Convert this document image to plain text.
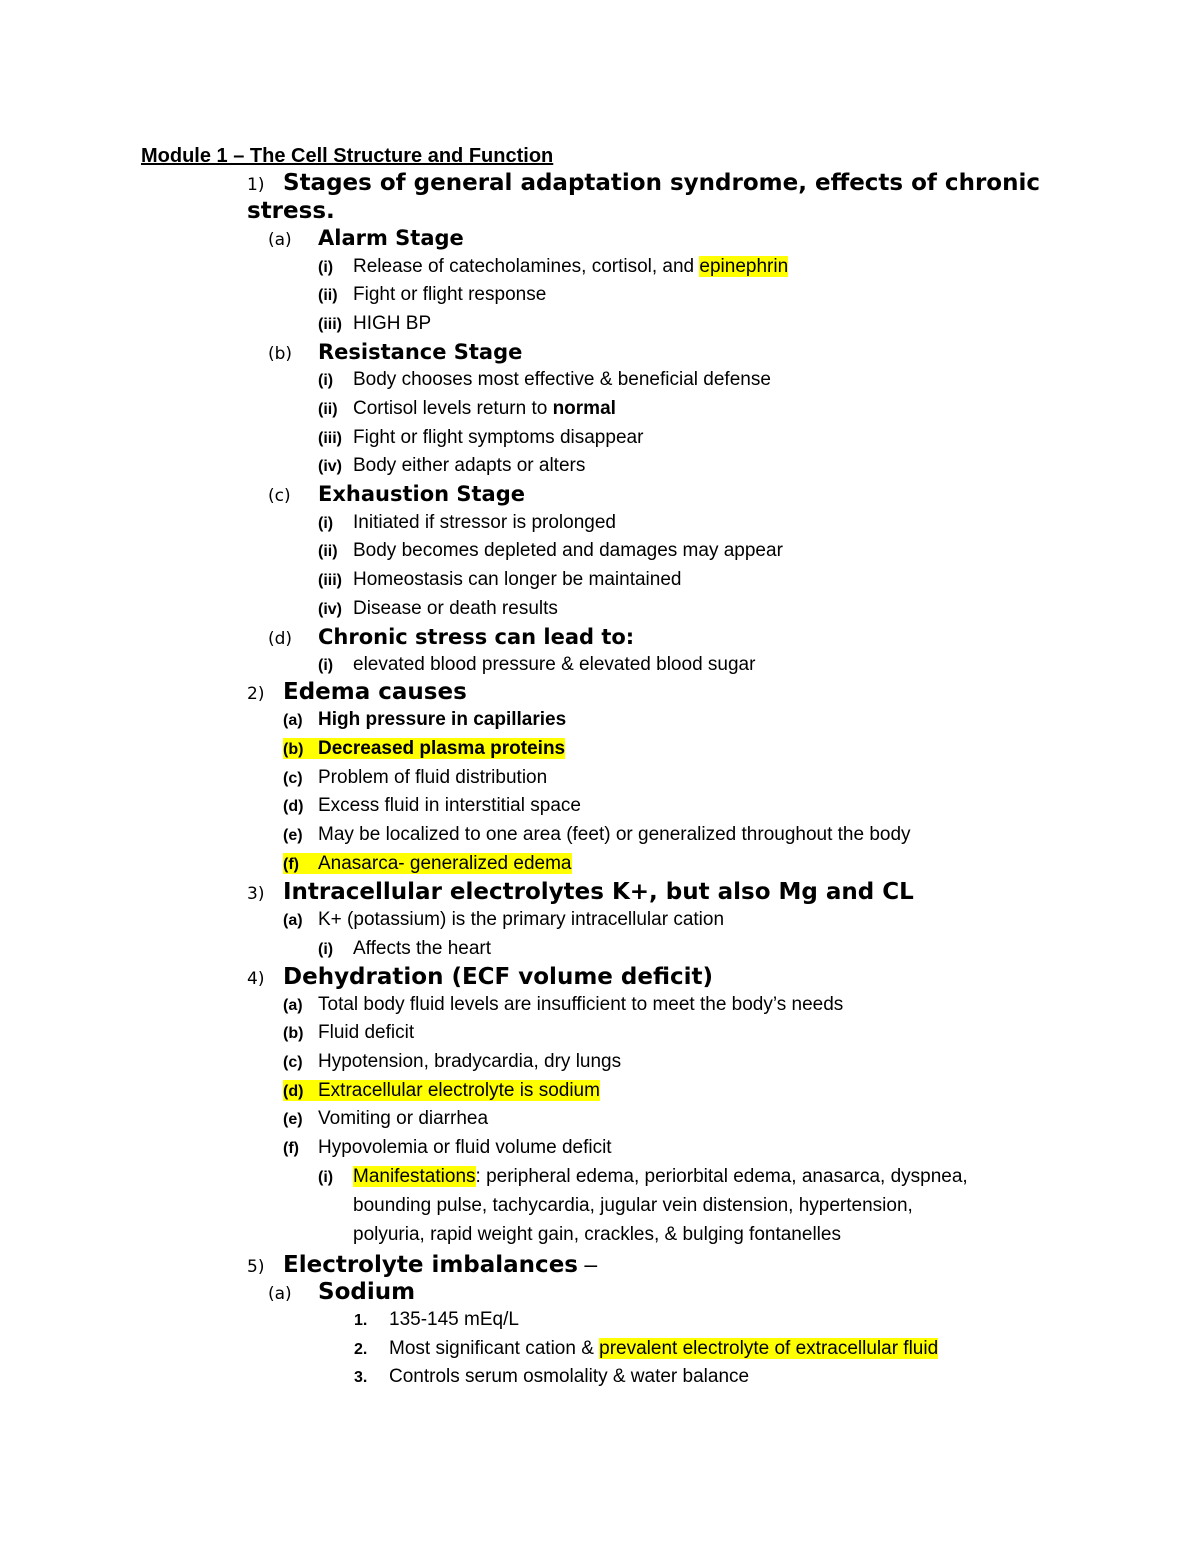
Module 1 – The Cell Structure and Function
1) Stages of general adaptation syndrome, effects of chronic
stress.
(a) Alarm Stage
(i) Release of catecholamines, cortisol, and epinephrin
(ii) Fight or flight response
(iii) HIGH BP
(b) Resistance Stage
(i) Body chooses most effective & beneficial defense
(ii) Cortisol levels return to normal
(iii) Fight or flight symptoms disappear
(iv) Body either adapts or alters
(c) Exhaustion Stage
(i) Initiated if stressor is prolonged
(ii) Body becomes depleted and damages may appear
(iii) Homeostasis can longer be maintained
(iv) Disease or death results
(d) Chronic stress can lead to:
(i) elevated blood pressure & elevated blood sugar
2) Edema causes
(a) High pressure in capillaries
(b) Decreased plasma proteins
(c) Problem of fluid distribution
(d) Excess fluid in interstitial space
(e) May be localized to one area (feet) or generalized throughout the body
(f) Anasarca- generalized edema
3) Intracellular electrolytes K+, but also Mg and CL
(a) K+ (potassium) is the primary intracellular cation
(i) Affects the heart
4) Dehydration (ECF volume deficit)
(a) Total body fluid levels are insufficient to meet the body’s needs
(b) Fluid deficit
(c) Hypotension, bradycardia, dry lungs
(d) Extracellular electrolyte is sodium
(e) Vomiting or diarrhea
(f) Hypovolemia or fluid volume deficit
(i) Manifestations: peripheral edema, periorbital edema, anasarca, dyspnea,
bounding pulse, tachycardia, jugular vein distension, hypertension,
polyuria, rapid weight gain, crackles, & bulging fontanelles
5) Electrolyte imbalances –
(a) Sodium
1. 135-145 mEq/L
2. Most significant cation & prevalent electrolyte of extracellular fluid
3. Controls serum osmolality & water balance
